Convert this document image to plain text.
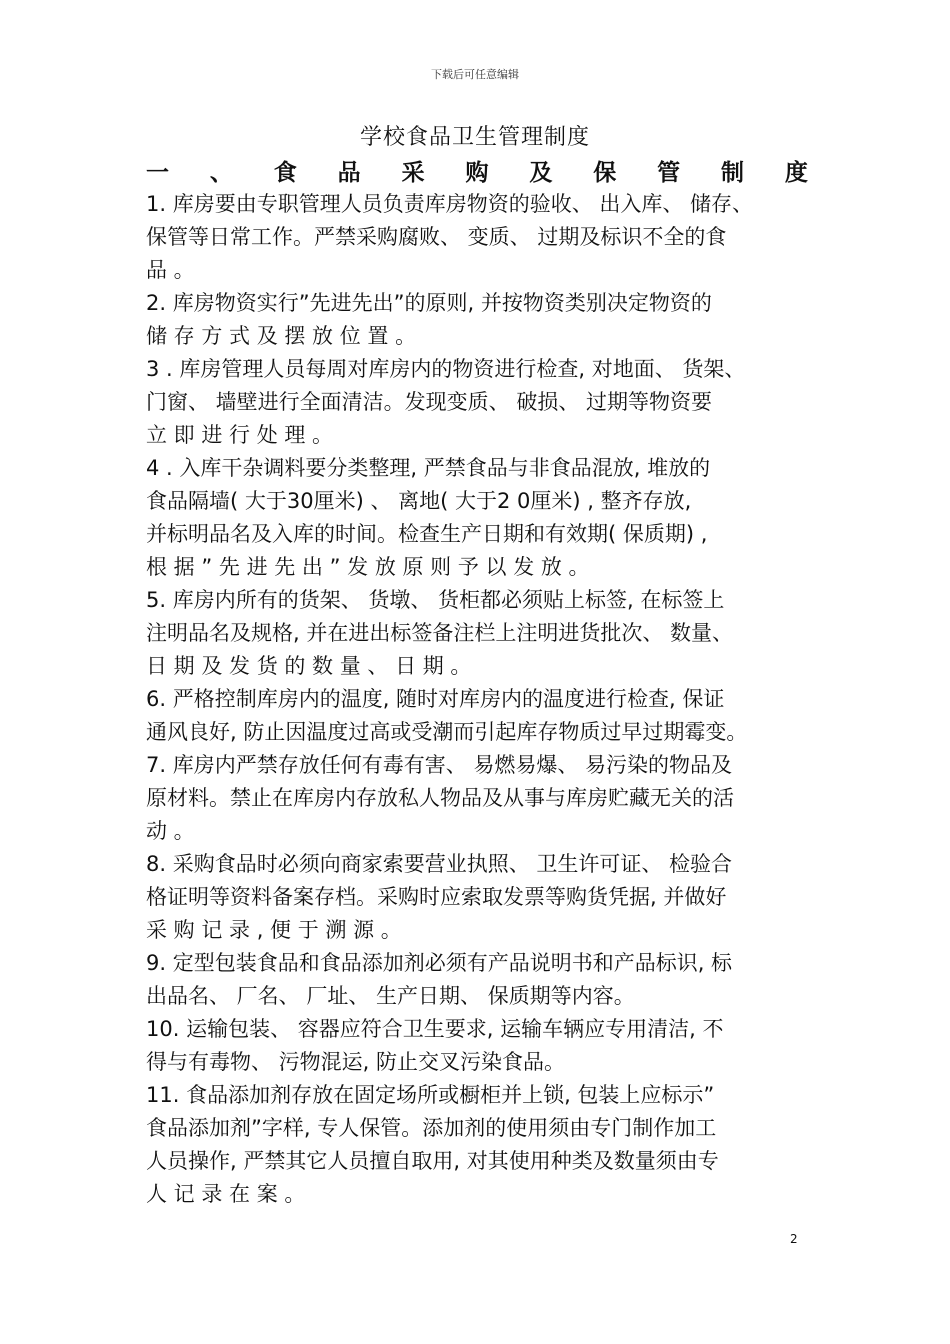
下载后可任意编辑
学校食品卫生管理制度
一 、 食 品 采 购 及 保 管 制 度
1. 库房要由专职管理人员负责库房物资的验收、 出入库、 储存、
保管等日常工作。严禁采购腐败、 变质、 过期及标识不全的食
品 。
2. 库房物资实行”先进先出”的原则, 并按物资类别决定物资的
储 存 方 式 及 摆 放 位 置 。
3 . 库房管理人员每周对库房内的物资进行检查, 对地面、 货架、
门窗、 墙壁进行全面清洁。发现变质、 破损、 过期等物资要
立 即 进 行 处 理 。
4 . 入库干杂调料要分类整理, 严禁食品与非食品混放, 堆放的
食品隔墙( 大于30厘米) 、 离地( 大于2 0厘米) , 整齐存放,
并标明品名及入库的时间。检查生产日期和有效期( 保质期) ,
根 据 ” 先 进 先 出 ” 发 放 原 则 予 以 发 放 。
5. 库房内所有的货架、 货墩、 货柜都必须贴上标签, 在标签上
注明品名及规格, 并在进出标签备注栏上注明进货批次、 数量、
日 期 及 发 货 的 数 量 、 日 期 。
6. 严格控制库房内的温度, 随时对库房内的温度进行检查, 保证
通风良好, 防止因温度过高或受潮而引起库存物质过早过期霉变。
7. 库房内严禁存放任何有毒有害、 易燃易爆、 易污染的物品及
原材料。禁止在库房内存放私人物品及从事与库房贮藏无关的活
动 。
8. 采购食品时必须向商家索要营业执照、 卫生许可证、 检验合
格证明等资料备案存档。采购时应索取发票等购货凭据, 并做好
采 购 记 录 , 便 于 溯 源 。
9. 定型包装食品和食品添加剂必须有产品说明书和产品标识, 标
出品名、 厂名、 厂址、 生产日期、 保质期等内容。
10. 运输包装、 容器应符合卫生要求, 运输车辆应专用清洁, 不
得与有毒物、 污物混运, 防止交叉污染食品。
11. 食品添加剂存放在固定场所或橱柜并上锁, 包装上应标示”
食品添加剂”字样, 专人保管。添加剂的使用须由专门制作加工
人员操作, 严禁其它人员擅自取用, 对其使用种类及数量须由专
人 记 录 在 案 。
2
